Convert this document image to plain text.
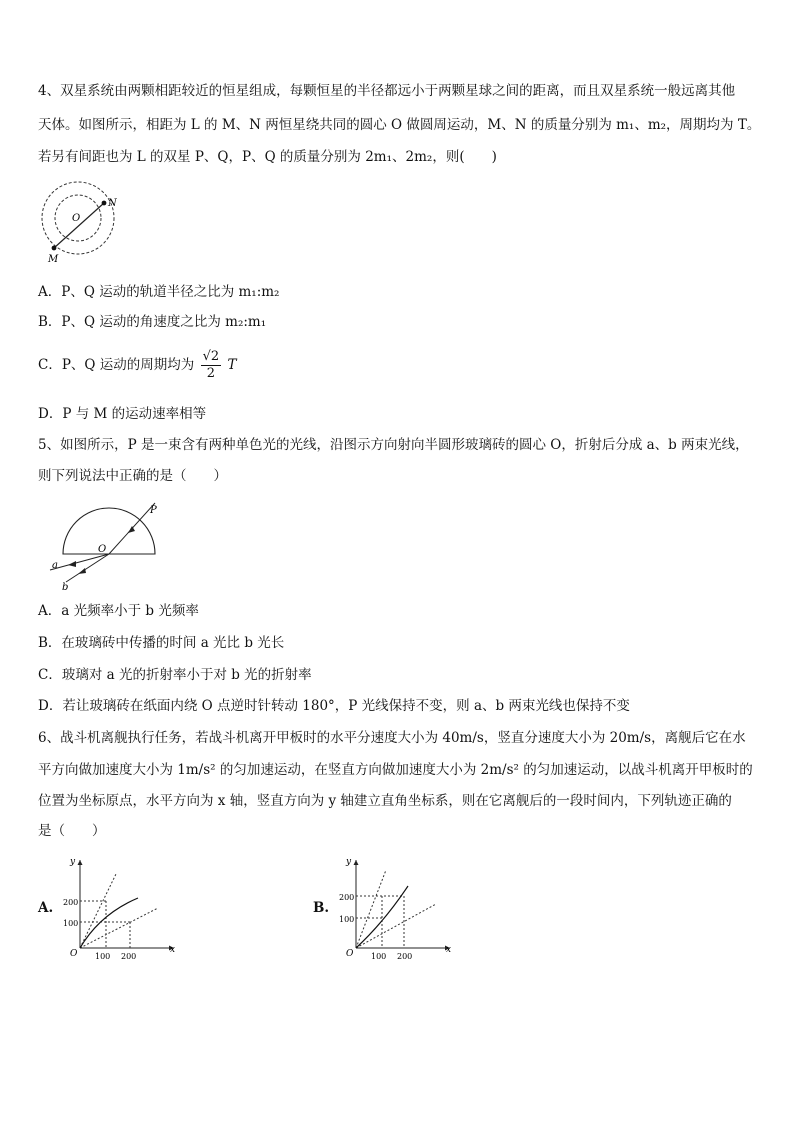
4、双星系统由两颗相距较近的恒星组成，每颗恒星的半径都远小于两颗星球之间的距离，而且双星系统一般远离其他
天体。如图所示，相距为 L 的 M、N 两恒星绕共同的圆心 O 做圆周运动，M、N 的质量分别为 m₁、m₂，周期均为 T。
若另有间距也为 L 的双星 P、Q，P、Q 的质量分别为 2m₁、2m₂，则(　　)
O
N
M
A．P、Q 运动的轨道半径之比为 m₁:m₂
B．P、Q 运动的角速度之比为 m₂:m₁
C．P、Q 运动的周期均为 $\frac{√2}{2}$ T
D．P 与 M 的运动速率相等
5、如图所示，P 是一束含有两种单色光的光线，沿图示方向射向半圆形玻璃砖的圆心 O，折射后分成 a、b 两束光线，
则下列说法中正确的是（　　）
P
O
a
b
A．a 光频率小于 b 光频率
B．在玻璃砖中传播的时间 a 光比 b 光长
C．玻璃对 a 光的折射率小于对 b 光的折射率
D．若让玻璃砖在纸面内绕 O 点逆时针转动 180°，P 光线保持不变，则 a、b 两束光线也保持不变
6、战斗机离舰执行任务，若战斗机离开甲板时的水平分速度大小为 40m/s，竖直分速度大小为 20m/s，离舰后它在水
平方向做加速度大小为 1m/s² 的匀加速运动，在竖直方向做加速度大小为 2m/s² 的匀加速运动，以战斗机离开甲板时的
位置为坐标原点，水平方向为 x 轴，竖直方向为 y 轴建立直角坐标系，则在它离舰后的一段时间内，下列轨迹正确的
是（　　）
A.
y
x
O
200
100
100 200
B.
y
x
O
200
100
100 200
